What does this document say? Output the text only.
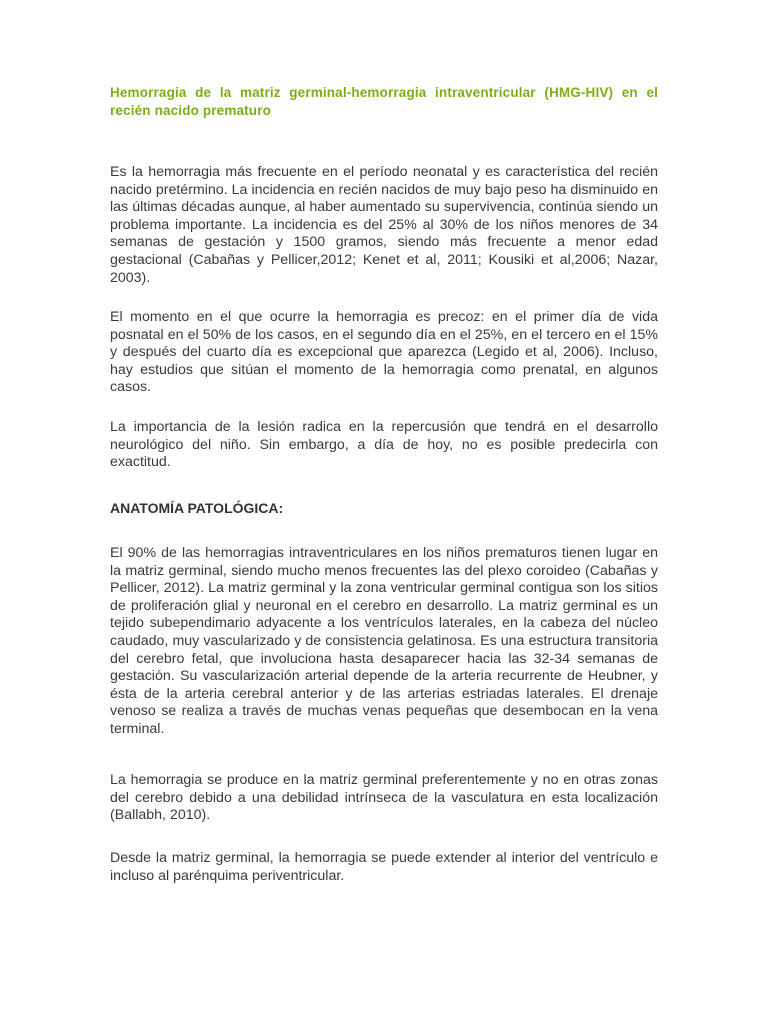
Hemorragia de la matriz germinal-hemorragia intraventricular (HMG-HIV) en el recién nacido prematuro

Es la hemorragia más frecuente en el período neonatal y es característica del recién nacido pretérmino. La incidencia en recién nacidos de muy bajo peso ha disminuido en las últimas décadas aunque, al haber aumentado su supervivencia, continúa siendo un problema importante. La incidencia es del 25% al 30% de los niños menores de 34 semanas de gestación y 1500 gramos, siendo más frecuente a menor edad gestacional (Cabañas y Pellicer,2012; Kenet et al, 2011; Kousiki et al,2006; Nazar, 2003).

El momento en el que ocurre la hemorragia es precoz: en el primer día de vida posnatal en el 50% de los casos, en el segundo día en el 25%, en el tercero en el 15% y después del cuarto día es excepcional que aparezca (Legido et al, 2006). Incluso, hay estudios que sitúan el momento de la hemorragia como prenatal, en algunos casos.

La importancia de la lesión radica en la repercusión que tendrá en el desarrollo neurológico del niño. Sin embargo, a día de hoy, no es posible predecirla con exactitud.

ANATOMÍA PATOLÓGICA:

El 90% de las hemorragias intraventriculares en los niños prematuros tienen lugar en la matriz germinal, siendo mucho menos frecuentes las del plexo coroideo (Cabañas y Pellicer, 2012). La matriz germinal y la zona ventricular germinal contigua son los sitios de proliferación glial y neuronal en el cerebro en desarrollo. La matriz germinal es un tejido subependimario adyacente a los ventrículos laterales, en la cabeza del núcleo caudado, muy vascularizado y de consistencia gelatinosa. Es una estructura transitoria del cerebro fetal, que involuciona hasta desaparecer hacia las 32-34 semanas de gestación. Su vascularización arterial depende de la arteria recurrente de Heubner, y ésta de la arteria cerebral anterior y de las arterias estriadas laterales. El drenaje venoso se realiza a través de muchas venas pequeñas que desembocan en la vena terminal.

La hemorragia se produce en la matriz germinal preferentemente y no en otras zonas del cerebro debido a una debilidad intrínseca de la vasculatura en esta localización (Ballabh, 2010).

Desde la matriz germinal, la hemorragia se puede extender al interior del ventrículo e incluso al parénquima periventricular.
